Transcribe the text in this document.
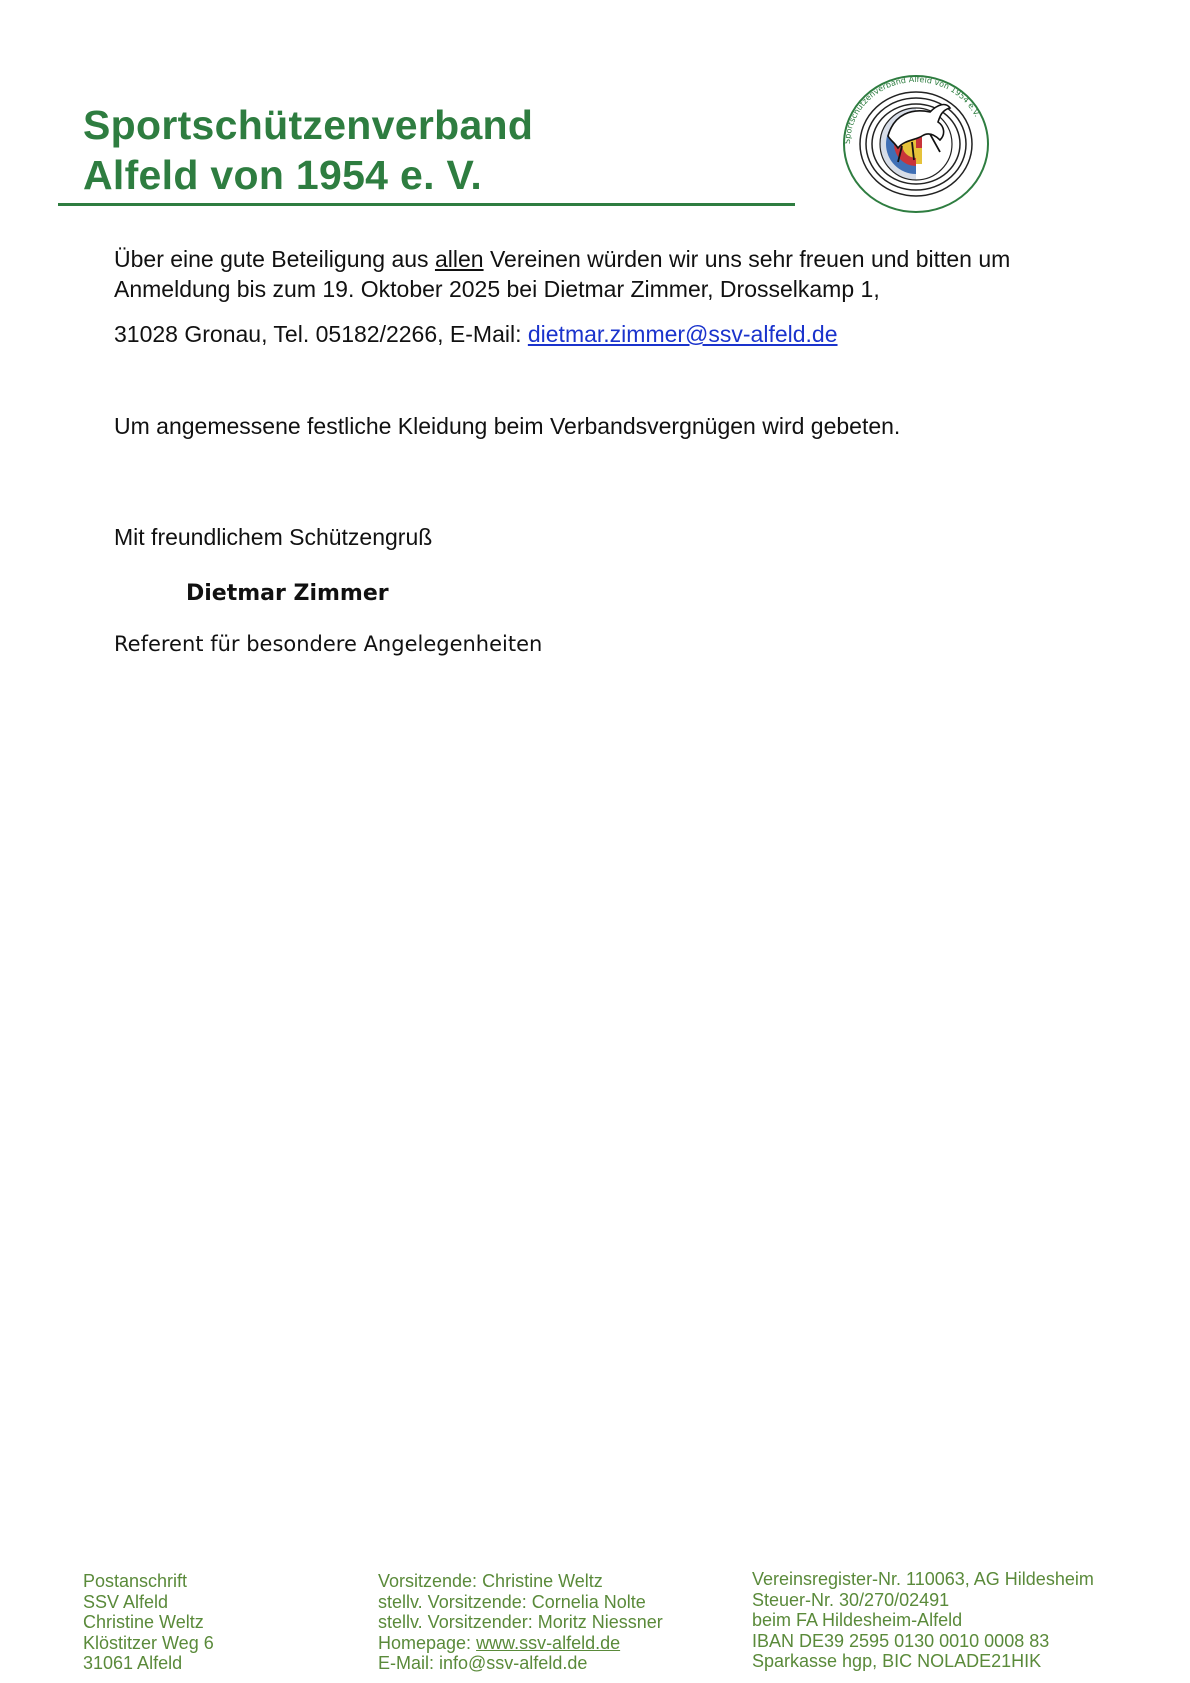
Sportschützenverband
Alfeld von 1954 e. V.
Sportschützenverband Alfeld von 1954 e.V.
Über eine gute Beteiligung aus allen Vereinen würden wir uns sehr freuen und bitten um Anmeldung bis zum 19. Oktober 2025 bei Dietmar Zimmer, Drosselkamp 1,
31028 Gronau, Tel. 05182/2266, E-Mail: dietmar.zimmer@ssv-alfeld.de
Um angemessene festliche Kleidung beim Verbandsvergnügen wird gebeten.
Mit freundlichem Schützengruß
Dietmar Zimmer
Referent für besondere Angelegenheiten
Postanschrift
SSV Alfeld
Christine Weltz
Klöstitzer Weg 6
31061 Alfeld
Vorsitzende: Christine Weltz
stellv. Vorsitzende: Cornelia Nolte
stellv. Vorsitzender: Moritz Niessner
Homepage: www.ssv-alfeld.de
E-Mail: info@ssv-alfeld.de
Vereinsregister-Nr. 110063, AG Hildesheim
Steuer-Nr. 30/270/02491
beim FA Hildesheim-Alfeld
IBAN DE39 2595 0130 0010 0008 83
Sparkasse hgp, BIC NOLADE21HIK
